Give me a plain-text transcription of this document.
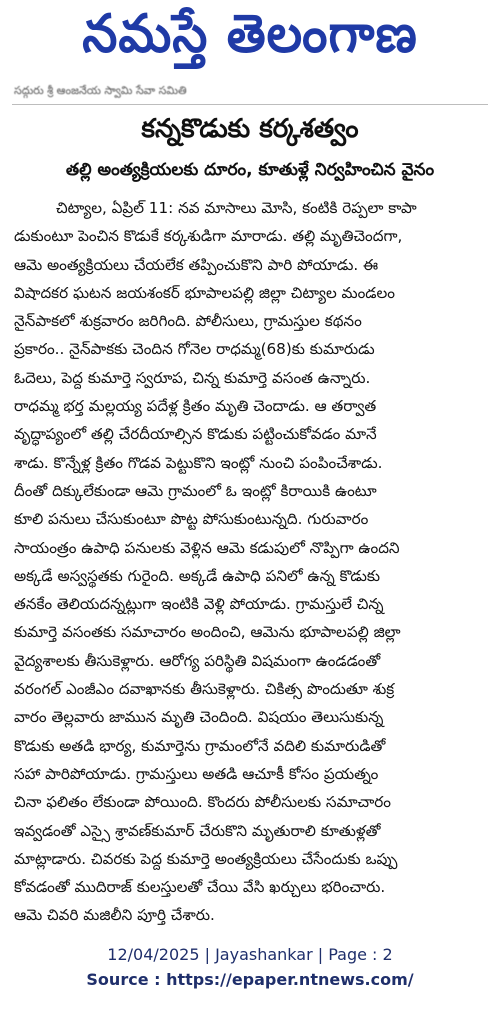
నమస్తే తెలంగాణ
సద్గురు శ్రీ ఆంజనేయ స్వామి సేవా సమితి
కన్నకొడుకు కర్కశత్వం
తల్లి అంత్యక్రియలకు దూరం, కూతుళ్లే నిర్వహించిన వైనం
చిట్యాల, ఏప్రిల్ 11: నవ మాసాలు మోసి, కంటికి రెప్పలా కాపా
డుకుంటూ పెంచిన కొడుకే కర్కశుడిగా మారాడు. తల్లి మృతిచెందగా,
ఆమె అంత్యక్రియలు చేయలేక తప్పించుకొని పారి పోయాడు. ఈ
విషాదకర ఘటన జయశంకర్ భూపాలపల్లి జిల్లా చిట్యాల మండలం
నైన్‌పాకలో శుక్రవారం జరిగింది. పోలీసులు, గ్రామస్తుల కథనం
ప్రకారం.. నైన్‌పాకకు చెందిన గోనెల రాధమ్మ(68)కు కుమారుడు
ఓదెలు, పెద్ద కుమార్తె స్వరూప, చిన్న కుమార్తె వసంత ఉన్నారు.
రాధమ్మ భర్త మల్లయ్య పదేళ్ల క్రితం మృతి చెందాడు. ఆ తర్వాత
వృద్ధాప్యంలో తల్లి చేరదీయాల్సిన కొడుకు పట్టించుకోవడం మానే
శాడు. కొన్నేళ్ల క్రితం గొడవ పెట్టుకొని ఇంట్లో నుంచి పంపించేశాడు.
దీంతో దిక్కులేకుండా ఆమె గ్రామంలో ఓ ఇంట్లో కిరాయికి ఉంటూ
కూలి పనులు చేసుకుంటూ పొట్ట పోసుకుంటున్నది. గురువారం
సాయంత్రం ఉపాధి పనులకు వెళ్లిన ఆమె కడుపులో నొప్పిగా ఉందని
అక్కడే అస్వస్థతకు గురైంది. అక్కడే ఉపాధి పనిలో ఉన్న కొడుకు
తనకేం తెలియదన్నట్లుగా ఇంటికి వెళ్లి పోయాడు. గ్రామస్తులే చిన్న
కుమార్తె వసంతకు సమాచారం అందించి, ఆమెను భూపాలపల్లి జిల్లా
వైద్యశాలకు తీసుకెళ్లారు. ఆరోగ్య పరిస్థితి విషమంగా ఉండడంతో
వరంగల్ ఎంజీఎం దవాఖానకు తీసుకెళ్లారు. చికిత్స పొందుతూ శుక్ర
వారం తెల్లవారు జామున మృతి చెందింది. విషయం తెలుసుకున్న
కొడుకు అతడి భార్య, కుమార్తెను గ్రామంలోనే వదిలి కుమారుడితో
సహా పారిపోయాడు. గ్రామస్తులు అతడి ఆచూకీ కోసం ప్రయత్నం
చినా ఫలితం లేకుండా పోయింది. కొందరు పోలీసులకు సమాచారం
ఇవ్వడంతో ఎస్సై శ్రావణ్‌కుమార్ చేరుకొని మృతురాలి కూతుళ్లతో
మాట్లాడారు. చివరకు పెద్ద కుమార్తె అంత్యక్రియలు చేసేందుకు ఒప్పు
కోవడంతో ముదిరాజ్ కులస్తులతో చేయి వేసి ఖర్చులు భరించారు.
ఆమె చివరి మజిలీని పూర్తి చేశారు.
12/04/2025 | Jayashankar | Page : 2
Source : https://epaper.ntnews.com/
